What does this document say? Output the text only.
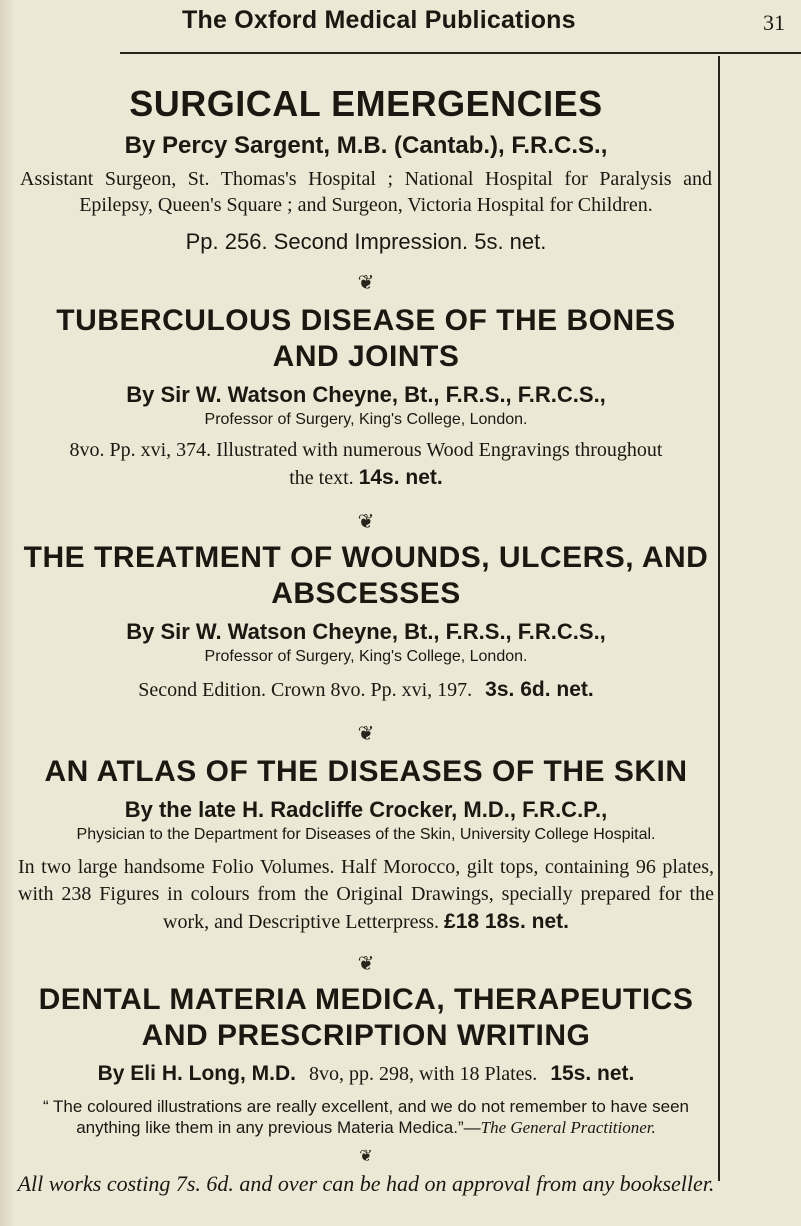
The Oxford Medical Publications	31
SURGICAL EMERGENCIES

By Percy Sargent, M.B. (Cantab.), F.R.C.S.,

Assistant Surgeon, St. Thomas's Hospital ; National Hospital for Paralysis and Epilepsy, Queen's Square ; and Surgeon, Victoria Hospital for Children.

Pp. 256. Second Impression. 5s. net.

❦

TUBERCULOUS DISEASE OF THE BONES
AND JOINTS

By Sir W. Watson Cheyne, Bt., F.R.S., F.R.C.S.,

Professor of Surgery, King's College, London.

8vo. Pp. xvi, 374. Illustrated with numerous Wood Engravings throughout the text. 14s. net.

❦

THE TREATMENT OF WOUNDS, ULCERS, AND
ABSCESSES

By Sir W. Watson Cheyne, Bt., F.R.S., F.R.C.S.,

Professor of Surgery, King's College, London.

Second Edition. Crown 8vo. Pp. xvi, 197. 3s. 6d. net.

❦

AN ATLAS OF THE DISEASES OF THE SKIN

By the late H. Radcliffe Crocker, M.D., F.R.C.P.,

Physician to the Department for Diseases of the Skin, University College Hospital.

In two large handsome Folio Volumes. Half Morocco, gilt tops, containing 96 plates, with 238 Figures in colours from the Original Drawings, specially prepared for the work, and Descriptive Letterpress. £18 18s. net.

❦

DENTAL MATERIA MEDICA, THERAPEUTICS
AND PRESCRIPTION WRITING

By Eli H. Long, M.D. 8vo, pp. 298, with 18 Plates. 15s. net.

“ The coloured illustrations are really excellent, and we do not remember to have seen anything like them in any previous Materia Medica.”—The General Practitioner.

❦

All works costing 7s. 6d. and over can be had on approval from any bookseller.
